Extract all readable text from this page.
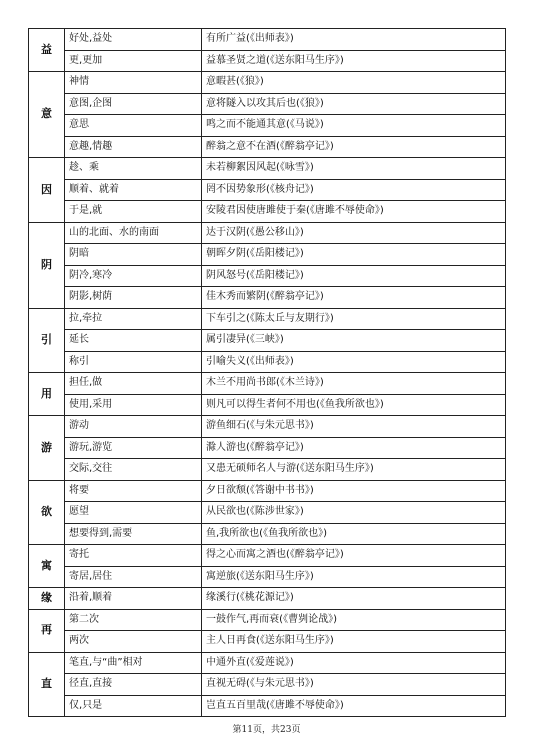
益	好处,益处	有所广益(《出师表》)
	更,更加	益慕圣贤之道(《送东阳马生序》)
意	神情	意暇甚(《狼》)
	意图,企图	意将隧入以攻其后也(《狼》)
	意思	鸣之而不能通其意(《马说》)
	意趣,情趣	醉翁之意不在酒(《醉翁亭记》)
因	趁、乘	未若柳絮因风起(《咏雪》)
	顺着、就着	罔不因势象形(《核舟记》)
	于是,就	安陵君因使唐雎使于秦(《唐雎不辱使命》)
阴	山的北面、水的南面	达于汉阴(《愚公移山》)
	阴暗	朝晖夕阴(《岳阳楼记》)
	阴冷,寒冷	阴风怒号(《岳阳楼记》)
	阴影,树荫	佳木秀而繁阴(《醉翁亭记》)
引	拉,牵拉	下车引之(《陈太丘与友期行》)
	延长	属引凄异(《三峡》)
	称引	引喻失义(《出师表》)
用	担任,做	木兰不用尚书郎(《木兰诗》)
	使用,采用	则凡可以得生者何不用也(《鱼我所欲也》)
游	游动	游鱼细石(《与朱元思书》)
	游玩,游览	滁人游也(《醉翁亭记》)
	交际,交往	又患无硕师名人与游(《送东阳马生序》)
欲	将要	夕日欲颓(《答谢中书书》)
	愿望	从民欲也(《陈涉世家》)
	想要得到,需要	鱼,我所欲也(《鱼我所欲也》)
寓	寄托	得之心而寓之酒也(《醉翁亭记》)
	寄居,居住	寓逆旅(《送东阳马生序》)
缘	沿着,顺着	缘溪行(《桃花源记》)
再	第二次	一鼓作气,再而衰(《曹刿论战》)
	两次	主人日再食(《送东阳马生序》)
直	笔直,与“曲”相对	中通外直(《爱莲说》)
	径直,直接	直视无碍(《与朱元思书》)
	仅,只是	岂直五百里哉(《唐雎不辱使命》)
第11页，共23页
